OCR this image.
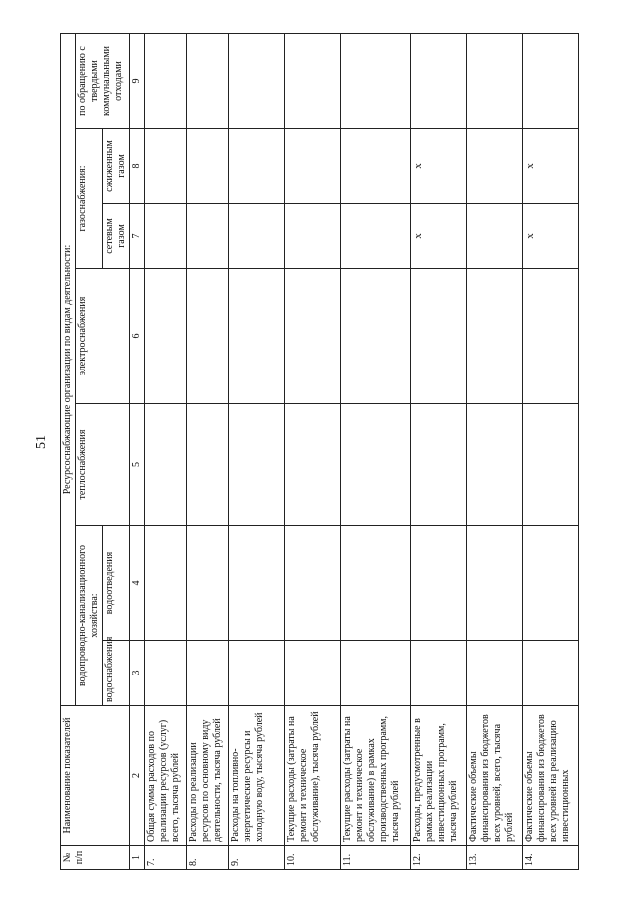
51
№ п/п	Наименование показателей	Ресурсоснабжающие организации по видам деятельности:						
		водопроводно-канализационного хозяйства:		теплоснабжения	электроснабжения	газоснабжения:		по обращению с твердыми коммунальными отходами
		водоснабжения	водоотведения			сетевым газом	сжиженным газом	
1	2	3	4	5	6	7	8	9
7.	Общая сумма расходов по реализации ресурсов (услуг) всего, тысяча рублей							
8.	Расходы по реализации ресурсов по основному виду деятельности, тысяча рублей							
9.	Расходы на топливно-энергетические ресурсы и холодную воду, тысяча рублей							
10.	Текущие расходы (затраты на ремонт и техническое обслуживание), тысяча рублей							
11.	Текущие расходы (затраты на ремонт и техническое обслуживание) в рамках производственных программ, тысяча рублей							
12.	Расходы, предусмотренные в рамках реализации инвестиционных программ, тысяча рублей					x	x	
13.	Фактические объемы финансирования из бюджетов всех уровней, всего, тысяча рублей							
14.	Фактические объемы финансирования из бюджетов всех уровней на реализацию инвестиционных					x	x	
